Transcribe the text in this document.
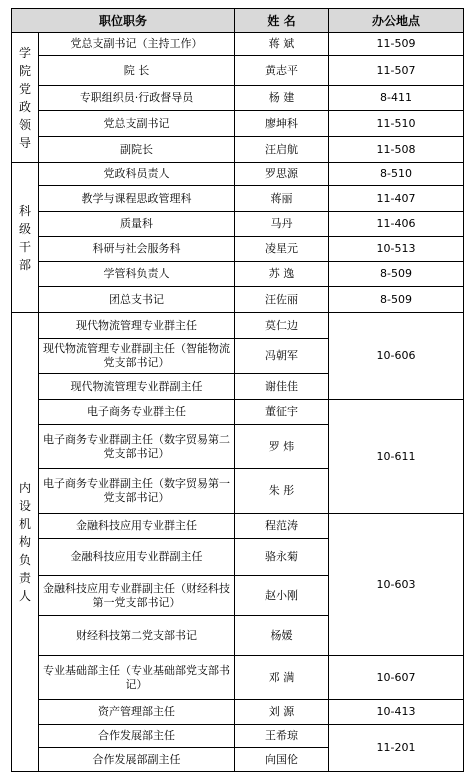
职位职务		姓 名	办公地点

学院党政领导	党总支副书记（主持工作）	蒋 斌	11-509
	院 长	黄志平	11-507
	专职组织员·行政督导员	杨 建	8-411
	党总支副书记	廖坤科	11-510
	副院长	汪启航	11-508

科级干部	党政科员责人	罗思源	8-510
	教学与课程思政管理科	蒋丽	11-407
	质量科	马丹	11-406
	科研与社会服务科	凌星元	10-513
	学管科负责人	苏 逸	8-509
	团总支书记	汪佐丽	8-509

内设机构负责人	现代物流管理专业群主任	莫仁边	10-606
	现代物流管理专业群副主任（智能物流党支部书记）	冯朝军	
	现代物流管理专业群副主任	谢佳佳	
	电子商务专业群主任	董征宇	10-611
	电子商务专业群副主任（数字贸易第二党支部书记）	罗 炜	
	电子商务专业群副主任（数字贸易第一党支部书记）	朱 彤	
	金融科技应用专业群主任	程范涛	10-603
	金融科技应用专业群副主任	骆永菊	
	金融科技应用专业群副主任（财经科技第一党支部书记）	赵小刚	
	财经科技第二党支部书记	杨媛	
	专业基础部主任（专业基础部党支部书记）	邓 满	10-607
	资产管理部主任	刘 源	10-413
	合作发展部主任	王希琼	11-201
	合作发展部副主任	向国伦	
